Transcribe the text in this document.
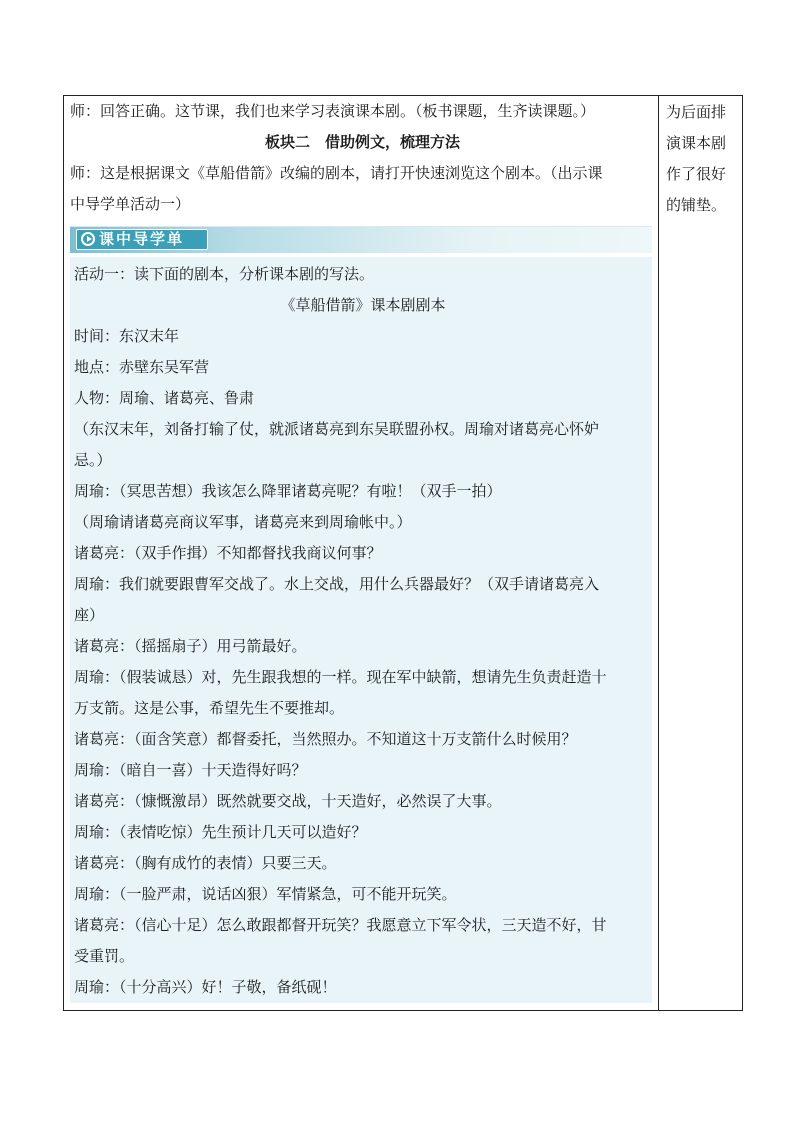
师：回答正确。这节课，我们也来学习表演课本剧。（板书课题，生齐读课题。）
板块二　借助例文，梳理方法
师：这是根据课文《草船借箭》改编的剧本，请打开快速浏览这个剧本。（出示课
中导学单活动一）
课中导学单
活动一：读下面的剧本，分析课本剧的写法。
《草船借箭》课本剧剧本
时间：东汉末年
地点：赤壁东吴军营
人物：周瑜、诸葛亮、鲁肃
（东汉末年，刘备打输了仗，就派诸葛亮到东吴联盟孙权。周瑜对诸葛亮心怀妒
忌。）
周瑜：（冥思苦想）我该怎么降罪诸葛亮呢？有啦！（双手一拍）
（周瑜请诸葛亮商议军事，诸葛亮来到周瑜帐中。）
诸葛亮：（双手作揖）不知都督找我商议何事？
周瑜：我们就要跟曹军交战了。水上交战，用什么兵器最好？（双手请诸葛亮入
座）
诸葛亮：（摇摇扇子）用弓箭最好。
周瑜：（假装诚恳）对，先生跟我想的一样。现在军中缺箭，想请先生负责赶造十
万支箭。这是公事，希望先生不要推却。
诸葛亮：（面含笑意）都督委托，当然照办。不知道这十万支箭什么时候用？
周瑜：（暗自一喜）十天造得好吗？
诸葛亮：（慷慨激昂）既然就要交战，十天造好，必然误了大事。
周瑜：（表情吃惊）先生预计几天可以造好？
诸葛亮：（胸有成竹的表情）只要三天。
周瑜：（一脸严肃，说话凶狠）军情紧急，可不能开玩笑。
诸葛亮：（信心十足）怎么敢跟都督开玩笑？我愿意立下军令状，三天造不好，甘
受重罚。
周瑜：（十分高兴）好！子敬，备纸砚！
为后面排
演课本剧
作了很好
的铺垫。
